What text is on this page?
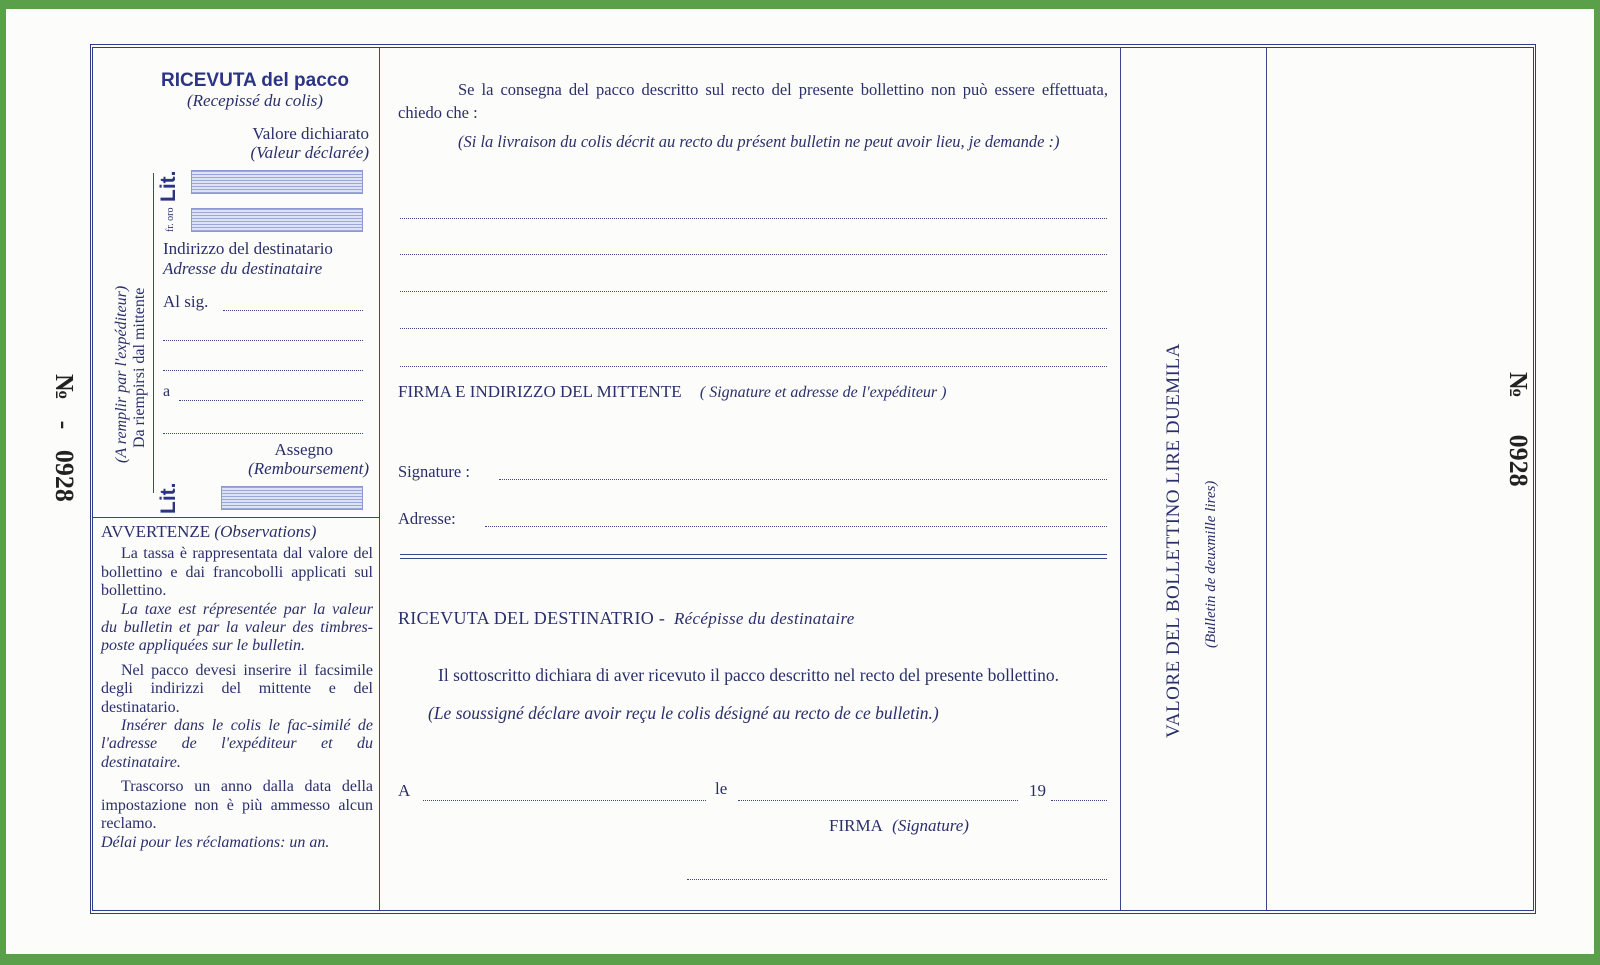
RICEVUTA del pacco
(Recepissé du colis)
Valore dichiarato
(Valeur déclarée)
Lit.
fr. oro
Indirizzo del destinatario
Adresse du destinataire
Al sig.
a
Assegno
(Remboursement)
Lit.
(A remplir par l'expéditeur) Da riempirsi dal mittente
№ - 0928
AVVERTENZE (Observations)

La tassa è rappresentata dal valore del bollettino e dai francobolli applicati sul bollettino.

La taxe est répresentée par la valeur du bulletin et par la valeur des timbres-poste appliquées sur le bulletin.

Nel pacco devesi inserire il facsimile degli indirizzi del mittente e del destinatario.

Insérer dans le colis le fac-similé de l'adresse de l'expéditeur et du destinataire.

Trascorso un anno dalla data della impostazione non è più ammesso alcun reclamo.

Délai pour les réclamations: un an.

Se la consegna del pacco descritto sul recto del presente bollettino non può essere effettuata, chiedo che :

(Si la livraison du colis décrit au recto du présent bulletin ne peut avoir lieu, je demande :)

FIRMA E INDIRIZZO DEL MITTENTE ( Signature et adresse de l'expéditeur )
Signature :
Adresse:
RICEVUTA DEL DESTINATRIO - Récépisse du destinataire

Il sottoscritto dichiara di aver ricevuto il pacco descritto nel recto del presente bollettino.

(Le soussigné déclare avoir reçu le colis désigné au recto de ce bulletin.)

A	le	19
FIRMA (Signature)
VALORE DEL BOLLETTINO LIRE DUEMILA (Bulletin de deuxmille lires)
№ 0928
